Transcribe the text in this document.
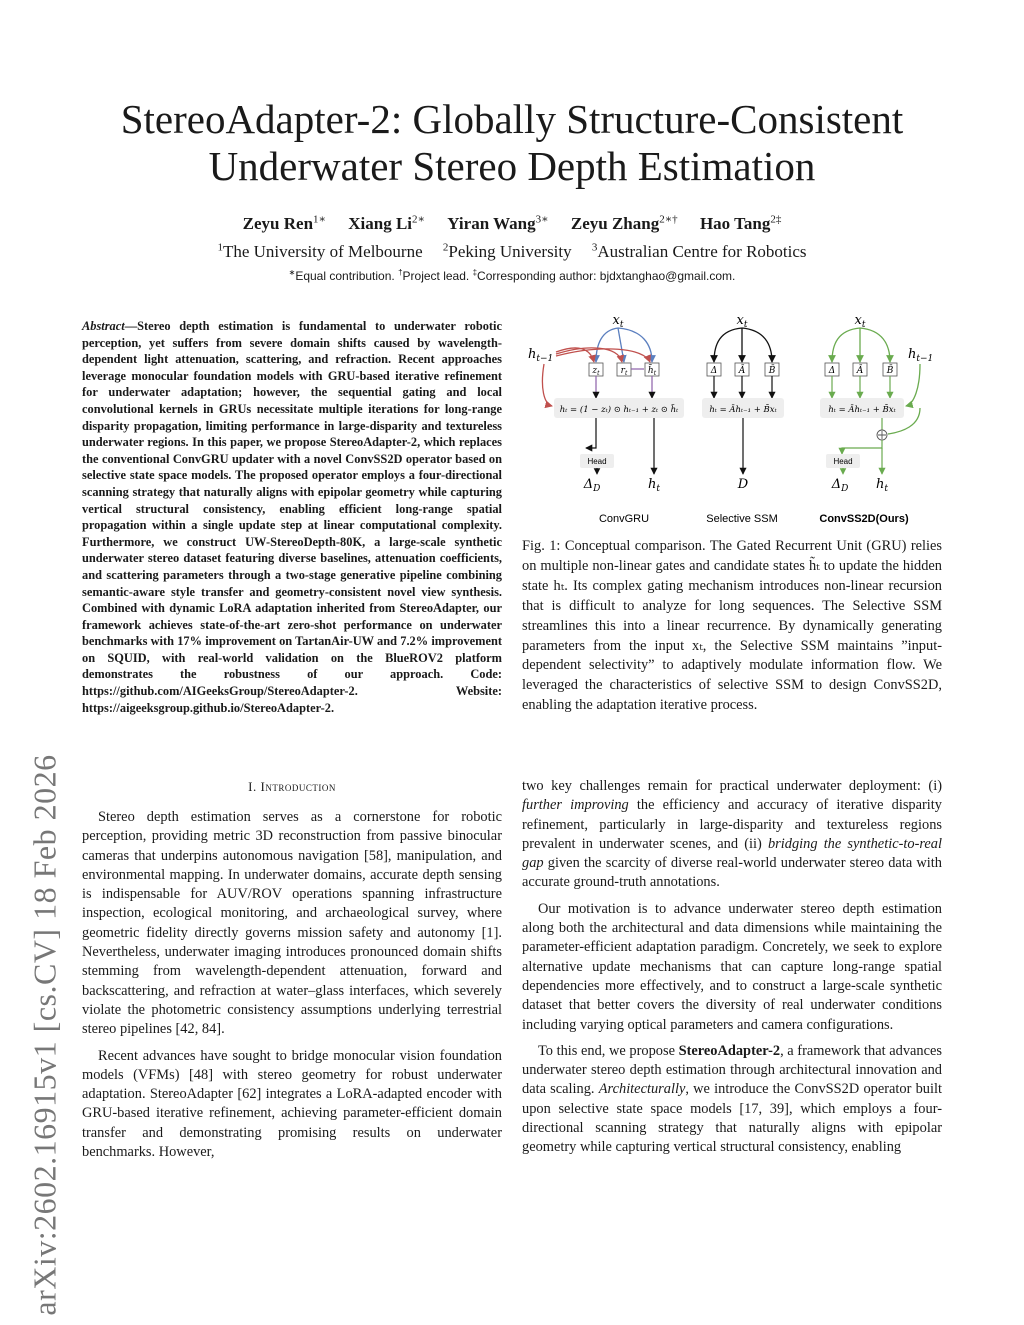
arXiv:2602.16915v1 [cs.CV] 18 Feb 2026
StereoAdapter-2: Globally Structure-Consistent
Underwater Stereo Depth Estimation
Zeyu Ren$^{1∗}$ Xiang $Li^{2∗}$ Yiran Wang$^{3∗}$ Zeyu Zhang$^{2∗\dagger}$ Hao Tang$^{2\ddagger}$
$^1$The University of Melbourne $^2$Peking University $^3$Australian Centre for Robotics
∗Equal contribution. †Project lead. ‡Corresponding author: bjdxtanghao@gmail.com.
Abstract—Stereo depth estimation is fundamental to underwater robotic perception, yet suffers from severe domain shifts caused by wavelength-dependent light attenuation, scattering, and refraction. Recent approaches leverage monocular foundation models with GRU-based iterative refinement for underwater adaptation; however, the sequential gating and local convolutional kernels in GRUs necessitate multiple iterations for long-range disparity propagation, limiting performance in large-disparity and textureless underwater regions. In this paper, we propose StereoAdapter-2, which replaces the conventional ConvGRU updater with a novel ConvSS2D operator based on selective state space models. The proposed operator employs a four-directional scanning strategy that naturally aligns with epipolar geometry while capturing vertical structural consistency, enabling efficient long-range spatial propagation within a single update step at linear computational complexity. Furthermore, we construct UW-StereoDepth-80K, a large-scale synthetic underwater stereo dataset featuring diverse baselines, attenuation coefficients, and scattering parameters through a two-stage generative pipeline combining semantic-aware style transfer and geometry-consistent novel view synthesis. Combined with dynamic LoRA adaptation inherited from StereoAdapter, our framework achieves state-of-the-art zero-shot performance on underwater benchmarks with 17% improvement on TartanAir-UW and 7.2% improvement on SQUID, with real-world validation on the BlueROV2 platform demonstrates the robustness of our approach. Code: https://github.com/AIGeeksGroup/StereoAdapter-2. Website: https://aigeeksgroup.github.io/StereoAdapter-2.
I. Introduction

Stereo depth estimation serves as a cornerstone for robotic perception, providing metric 3D reconstruction from passive binocular cameras that underpins autonomous navigation [58], manipulation, and environmental mapping. In underwater domains, accurate depth sensing is indispensable for AUV/ROV operations spanning infrastructure inspection, ecological monitoring, and archaeological survey, where geometric fidelity directly governs mission safety and autonomy [1]. Nevertheless, underwater imaging introduces pronounced domain shifts stemming from wavelength-dependent attenuation, forward and backscattering, and refraction at water–glass interfaces, which severely violate the photometric consistency assumptions underlying terrestrial stereo pipelines [42, 84].

Recent advances have sought to bridge monocular vision foundation models (VFMs) [48] with stereo geometry for robust underwater adaptation. StereoAdapter [62] integrates a LoRA-adapted encoder with GRU-based iterative refinement, achieving parameter-efficient domain transfer and demonstrating promising results on underwater benchmarks. However,

$x_t$
$h_{t-1}$
$z_t$ $r_t$ $h̃_t$
hₜ = (1 − zₜ) ⊙ hₜ₋₁ + zₜ ⊙ h̃ₜ
Head
$\Delta_D$	$h_t$
ConvGRU
$x_t$
Δ Ā	B̄
hₜ = Āhₜ₋₁ + B̄xₜ
D
Selective SSM
$x_t$
$h_{t-1}$
Δ Ā	B̄
hₜ = Āhₜ₋₁ + B̄xₜ
Head
$\Delta_D$ $h_t$
ConvSS2D(Ours)
Fig. 1: Conceptual comparison. The Gated Recurrent Unit (GRU) relies on multiple non-linear gates and candidate states h̃ₜ to update the hidden state hₜ. Its complex gating mechanism introduces non-linear recursion that is difficult to analyze for long sequences. The Selective SSM streamlines this into a linear recurrence. By dynamically generating parameters from the input xₜ, the Selective SSM maintains ”input-dependent selectivity” to adaptively modulate information flow. We leveraged the characteristics of selective SSM to design ConvSS2D, enabling the adaptation iterative process.

two key challenges remain for practical underwater deployment: (i) further improving the efficiency and accuracy of iterative disparity refinement, particularly in large-disparity and textureless regions prevalent in underwater scenes, and (ii) bridging the synthetic-to-real gap given the scarcity of diverse real-world underwater stereo data with accurate ground-truth annotations.

Our motivation is to advance underwater stereo depth estimation along both the architectural and data dimensions while maintaining the parameter-efficient adaptation paradigm. Concretely, we seek to explore alternative update mechanisms that can capture long-range spatial dependencies more effectively, and to construct a large-scale synthetic dataset that better covers the diversity of real underwater conditions including varying optical parameters and camera configurations.

To this end, we propose StereoAdapter-2, a framework that advances underwater stereo depth estimation through architectural innovation and data scaling. Architecturally, we introduce the ConvSS2D operator built upon selective state space models [17, 39], which employs a four-directional scanning strategy that naturally aligns with epipolar geometry while capturing vertical structural consistency, enabling
